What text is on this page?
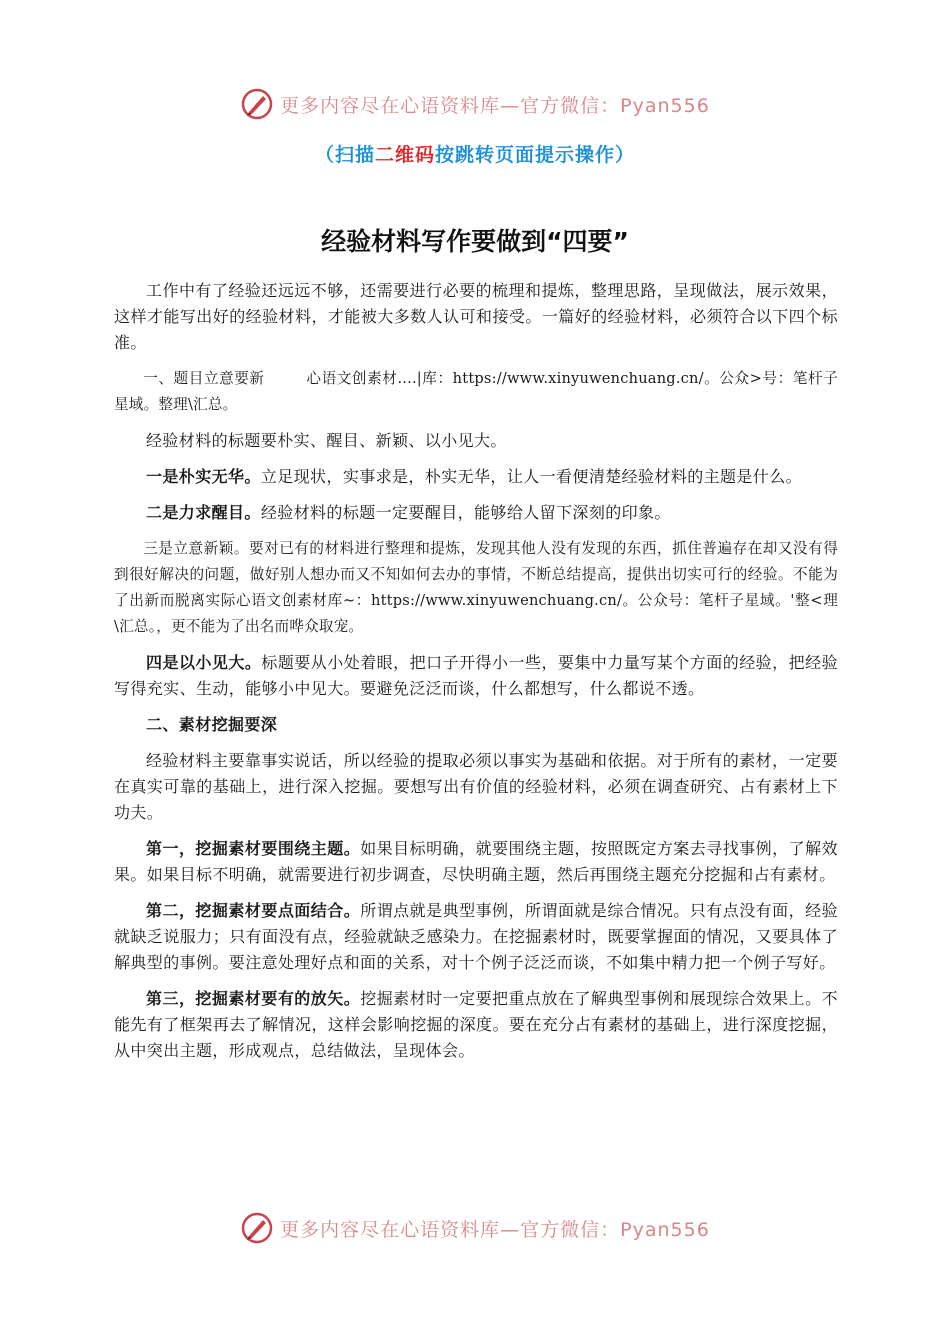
更多内容尽在心语资料库—官方微信：Pyan556
（扫描二维码按跳转页面提示操作）
经验材料写作要做到“四要”

工作中有了经验还远远不够，还需要进行必要的梳理和提炼，整理思路，呈现做法，展示效果，这样才能写出好的经验材料，才能被大多数人认可和接受。一篇好的经验材料，必须符合以下四个标准。

一、题目立意要新        心语文创素材....|库：https://www.xinyuwenchuang.cn/。公众>号：笔杆子星域。整理\汇总。

经验材料的标题要朴实、醒目、新颖、以小见大。

一是朴实无华。立足现状，实事求是，朴实无华，让人一看便清楚经验材料的主题是什么。

二是力求醒目。经验材料的标题一定要醒目，能够给人留下深刻的印象。

三是立意新颖。要对已有的材料进行整理和提炼，发现其他人没有发现的东西，抓住普遍存在却又没有得到很好解决的问题，做好别人想办而又不知如何去办的事情，不断总结提高，提供出切实可行的经验。不能为了出新而脱离实际心语文创素材库~：https://www.xinyuwenchuang.cn/。公众号：笔杆子星域。'整<理\汇总。，更不能为了出名而哗众取宠。

四是以小见大。标题要从小处着眼，把口子开得小一些，要集中力量写某个方面的经验，把经验写得充实、生动，能够小中见大。要避免泛泛而谈，什么都想写，什么都说不透。

二、素材挖掘要深

经验材料主要靠事实说话，所以经验的提取必须以事实为基础和依据。对于所有的素材，一定要在真实可靠的基础上，进行深入挖掘。要想写出有价值的经验材料，必须在调查研究、占有素材上下功夫。

第一，挖掘素材要围绕主题。如果目标明确，就要围绕主题，按照既定方案去寻找事例，了解效果。如果目标不明确，就需要进行初步调查，尽快明确主题，然后再围绕主题充分挖掘和占有素材。

第二，挖掘素材要点面结合。所谓点就是典型事例，所谓面就是综合情况。只有点没有面，经验就缺乏说服力；只有面没有点，经验就缺乏感染力。在挖掘素材时，既要掌握面的情况，又要具体了解典型的事例。要注意处理好点和面的关系，对十个例子泛泛而谈，不如集中精力把一个例子写好。

第三，挖掘素材要有的放矢。挖掘素材时一定要把重点放在了解典型事例和展现综合效果上。不能先有了框架再去了解情况，这样会影响挖掘的深度。要在充分占有素材的基础上，进行深度挖掘，从中突出主题，形成观点，总结做法，呈现体会。

更多内容尽在心语资料库—官方微信：Pyan556
